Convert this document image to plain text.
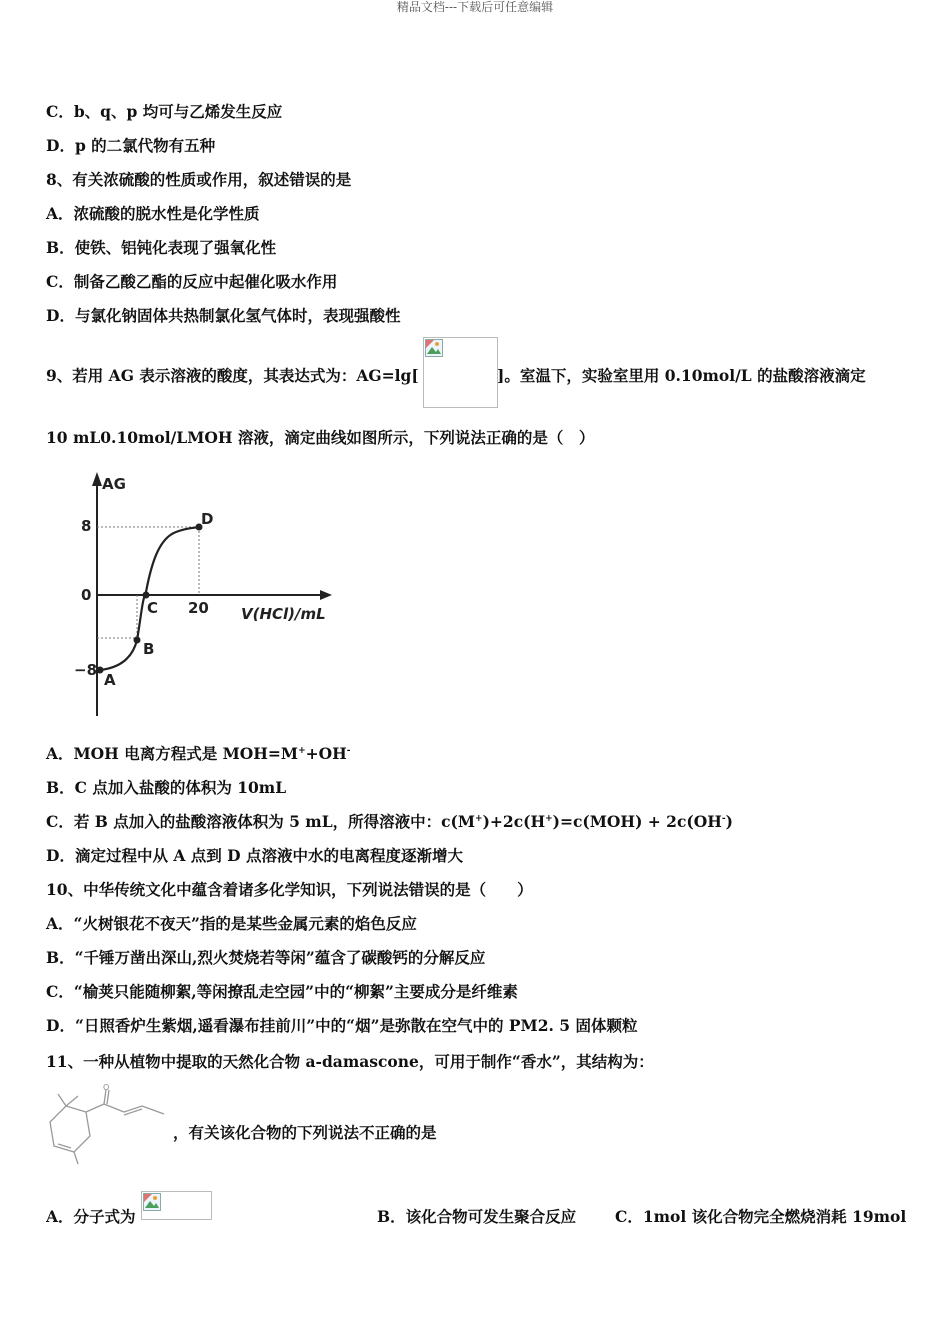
精品文档---下载后可任意编辑
C．b、q、p 均可与乙烯发生反应
D．p 的二氯代物有五种
8、有关浓硫酸的性质或作用，叙述错误的是
A．浓硫酸的脱水性是化学性质
B．使铁、铝钝化表现了强氧化性
C．制备乙酸乙酯的反应中起催化吸水作用
D．与氯化钠固体共热制氯化氢气体时，表现强酸性
9、若用 AG 表示溶液的酸度，其表达式为：AG=lg[	]。室温下，实验室里用 0.10mol/L 的盐酸溶液滴定
10 mL0.10mol/LMOH 溶液，滴定曲线如图所示，下列说法正确的是（　）
AG
8
0
−8
20 V(HCl)/mL
A
B
C
D
A．MOH 电离方程式是 MOH=M++OH-
B．C 点加入盐酸的体积为 10mL
C．若 B 点加入的盐酸溶液体积为 5 mL，所得溶液中：c(M+)+2c(H+)=c(MOH) + 2c(OH-)
D．滴定过程中从 A 点到 D 点溶液中水的电离程度逐渐增大
10、中华传统文化中蕴含着诸多化学知识，下列说法错误的是（　　）
A．“火树银花不夜天”指的是某些金属元素的焰色反应
B．“千锤万凿出深山,烈火焚烧若等闲”蕴含了碳酸钙的分解反应
C．“榆荚只能随柳絮,等闲撩乱走空园”中的“柳絮”主要成分是纤维素
D．“日照香炉生紫烟,遥看瀑布挂前川”中的“烟”是弥散在空气中的 PM2. 5 固体颗粒
11、一种从植物中提取的天然化合物 a-damascone，可用于制作“香水”，其结构为：
O
，有关该化合物的下列说法不正确的是
A．分子式为	B．该化合物可发生聚合反应	C．1mol 该化合物完全燃烧消耗 19mol
